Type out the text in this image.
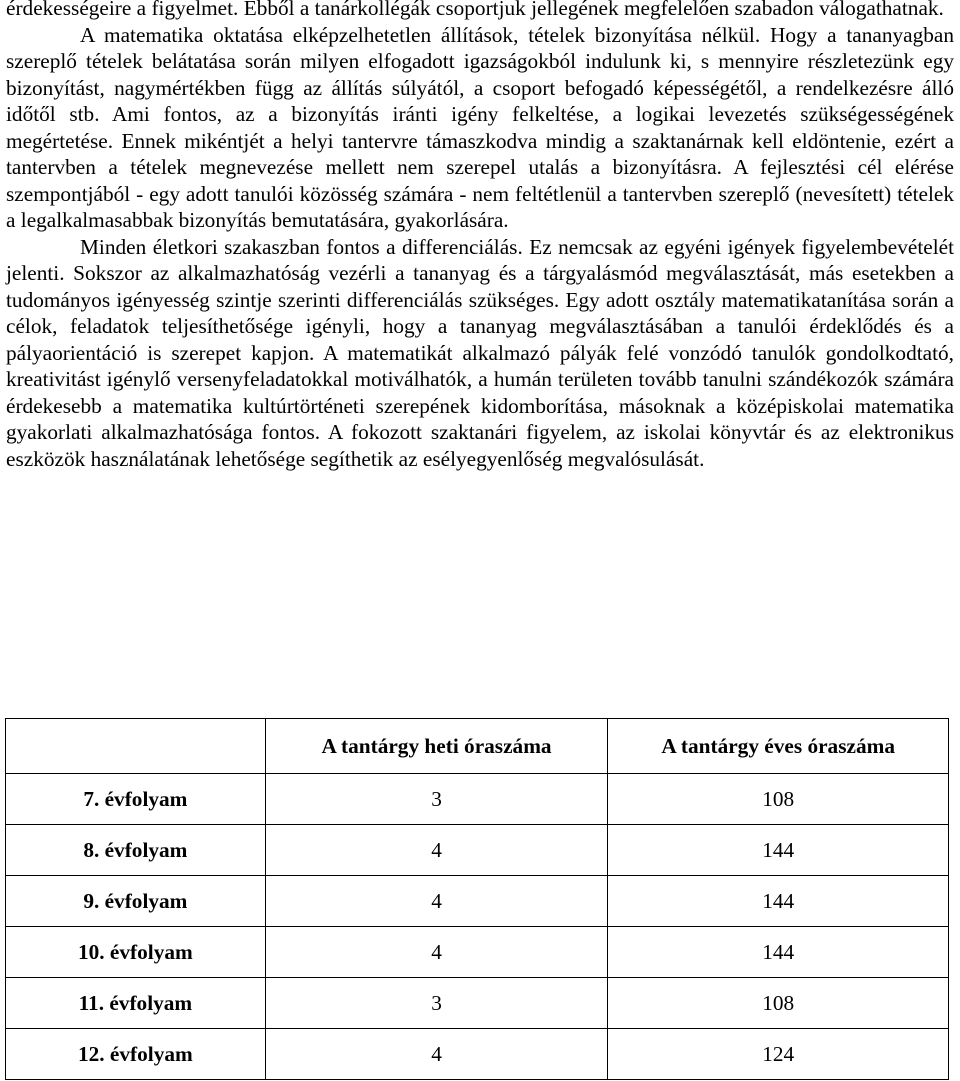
érdekességeire a figyelmet. Ebből a tanárkollégák csoportjuk jellegének megfelelően szabadon válogathatnak.

A matematika oktatása elképzelhetetlen állítások, tételek bizonyítása nélkül. Hogy a tananyagban szereplő tételek belátatása során milyen elfogadott igazságokból indulunk ki, s mennyire részletezünk egy bizonyítást, nagymértékben függ az állítás súlyától, a csoport befogadó képességétől, a rendelkezésre álló időtől stb. Ami fontos, az a bizonyítás iránti igény felkeltése, a logikai levezetés szükségességének megértetése. Ennek mikéntjét a helyi tantervre támaszkodva mindig a szaktanárnak kell eldöntenie, ezért a tantervben a tételek megnevezése mellett nem szerepel utalás a bizonyításra. A fejlesztési cél elérése szempontjából - egy adott tanulói közösség számára - nem feltétlenül a tantervben szereplő (nevesített) tételek a legalkalmasabbak bizonyítás bemutatására, gyakorlására.

Minden életkori szakaszban fontos a differenciálás. Ez nemcsak az egyéni igények figyelembevételét jelenti. Sokszor az alkalmazhatóság vezérli a tananyag és a tárgyalásmód megválasztását, más esetekben a tudományos igényesség szintje szerinti differenciálás szükséges. Egy adott osztály matematikatanítása során a célok, feladatok teljesíthetősége igényli, hogy a tananyag megválasztásában a tanulói érdeklődés és a pályaorientáció is szerepet kapjon. A matematikát alkalmazó pályák felé vonzódó tanulók gondolkodtató, kreativitást igénylő versenyfeladatokkal motiválhatók, a humán területen tovább tanulni szándékozók számára érdekesebb a matematika kultúrtörténeti szerepének kidomborítása, másoknak a középiskolai matematika gyakorlati alkalmazhatósága fontos. A fokozott szaktanári figyelem, az iskolai könyvtár és az elektronikus eszközök használatának lehetősége segíthetik az esélyegyenlőség megvalósulását.

	A tantárgy heti óraszáma	A tantárgy éves óraszáma
7. évfolyam	3	108
8. évfolyam	4	144
9. évfolyam	4	144
10. évfolyam	4	144
11. évfolyam	3	108
12. évfolyam	4	124
